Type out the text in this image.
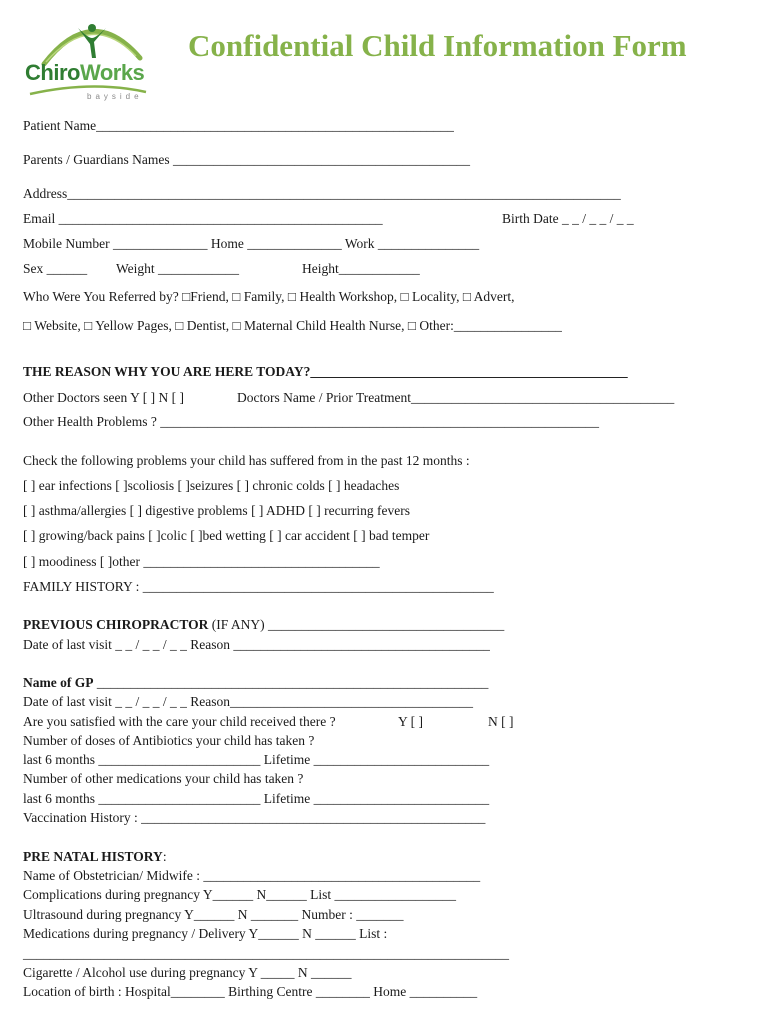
ChiroWorks
bayside
Confidential Child Information Form
Patient Name_____________________________________________________
Parents / Guardians Names ____________________________________________
Address__________________________________________________________________________________
Email ________________________________________________	Birth Date _ _ / _ _ / _ _
Mobile Number ______________ Home ______________ Work _______________
Sex ______ Weight ____________	Height____________
Who Were You Referred by? □Friend, □ Family, □ Health Workshop, □ Locality, □ Advert,
□ Website, □ Yellow Pages, □ Dentist, □ Maternal Child Health Nurse, □ Other:________________
THE REASON WHY YOU ARE HERE TODAY?_______________________________________________
Other Doctors seen Y [ ] N [ ]	Doctors Name / Prior Treatment_______________________________________
Other Health Problems ? _________________________________________________________________
Check the following problems your child has suffered from in the past 12 months :
[ ] ear infections [ ]scoliosis [ ]seizures [ ] chronic colds [ ] headaches
[ ] asthma/allergies [ ] digestive problems [ ] ADHD [ ] recurring fevers
[ ] growing/back pains [ ]colic [ ]bed wetting [ ] car accident [ ] bad temper
[ ] moodiness [ ]other ___________________________________
FAMILY HISTORY : ____________________________________________________
PREVIOUS CHIROPRACTOR (IF ANY) ___________________________________
Date of last visit _ _ / _ _ / _ _ Reason ______________________________________
Name of GP __________________________________________________________
Date of last visit _ _ / _ _ / _ _ Reason____________________________________
Are you satisfied with the care your child received there ?	Y [ ]	N [ ]
Number of doses of Antibiotics your child has taken ?
last 6 months ________________________ Lifetime __________________________
Number of other medications your child has taken ?
last 6 months ________________________ Lifetime __________________________
Vaccination History : ___________________________________________________
PRE NATAL HISTORY:
Name of Obstetrician/ Midwife : _________________________________________
Complications during pregnancy Y______ N______ List __________________
Ultrasound during pregnancy Y______ N _______ Number : _______
Medications during pregnancy / Delivery Y______ N ______ List :
________________________________________________________________________
Cigarette / Alcohol use during pregnancy Y _____ N ______
Location of birth : Hospital________ Birthing Centre ________ Home __________
